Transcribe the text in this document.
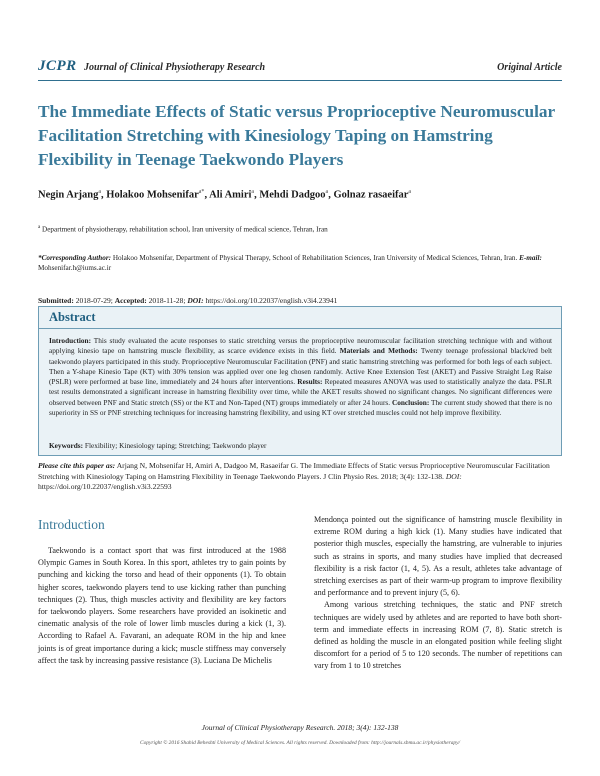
JCPR Journal of Clinical Physiotherapy Research	Original Article
The Immediate Effects of Static versus Proprioceptive Neuromuscular Facilitation Stretching with Kinesiology Taping on Hamstring Flexibility in Teenage Taekwondo Players
Negin Arjang$^a$, Holakoo Mohsenifar$^{a*}$, Ali Amiri$^a$, Mehdi Dadgoo$^a$, Golnaz rasaeifar$^a$
$^a$ Department of physiotherapy, rehabilitation school, Iran university of medical science, Tehran, Iran
*Corresponding Author: Holakoo Mohsenifar, Department of Physical Therapy, School of Rehabilitation Sciences, Iran University of Medical Sciences, Tehran, Iran. E-mail: Mohsenifar.h@iums.ac.ir
Submitted: 2018-07-29; Accepted: 2018-11-28; DOI: https://doi.org/10.22037/english.v3i4.23941
Abstract
Introduction: This study evaluated the acute responses to static stretching versus the proprioceptive neuromuscular facilitation stretching technique with and without applying kinesio tape on hamstring muscle flexibility, as scarce evidence exists in this field. Materials and Methods: Twenty teenage professional black/red belt taekwondo players participated in this study. Proprioceptive Neuromuscular Facilitation (PNF) and static hamstring stretching was performed for both legs of each subject. Then a Y-shape Kinesio Tape (KT) with 30% tension was applied over one leg chosen randomly. Active Knee Extension Test (AKET) and Passive Straight Leg Raise (PSLR) were performed at base line, immediately and 24 hours after interventions. Results: Repeated measures ANOVA was used to statistically analyze the data. PSLR test results demonstrated a significant increase in hamstring flexibility over time, while the AKET results showed no significant changes. No significant differences were observed between PNF and Static stretch (SS) or the KT and Non-Taped (NT) groups immediately or after 24 hours. Conclusion: The current study showed that there is no superiority in SS or PNF stretching techniques for increasing hamstring flexibility, and using KT over stretched muscles could not help improve flexibility.
Keywords: Flexibility; Kinesiology taping; Stretching; Taekwondo player
Please cite this paper as: Arjang N, Mohsenifar H, Amiri A, Dadgoo M, Rasaeifar G. The Immediate Effects of Static versus Proprioceptive Neuromuscular Facilitation Stretching with Kinesiology Taping on Hamstring Flexibility in Teenage Taekwondo Players. J Clin Physio Res. 2018; 3(4): 132-138. DOI: https://doi.org/10.22037/english.v3i3.22593
Introduction

Taekwondo is a contact sport that was first introduced at the 1988 Olympic Games in South Korea. In this sport, athletes try to gain points by punching and kicking the torso and head of their opponents (1). To obtain higher scores, taekwondo players tend to use kicking rather than punching techniques (2). Thus, thigh muscles activity and flexibility are key factors for taekwondo players. Some researchers have provided an isokinetic and cinematic analysis of the role of lower limb muscles during a kick (1, 3). According to Rafael A. Favarani, an adequate ROM in the hip and knee joints is of great importance during a kick; muscle stiffness may conversely affect the task by increasing passive resistance (3). Luciana De Michelis

Mendonça pointed out the significance of hamstring muscle flexibility in extreme ROM during a high kick (1). Many studies have indicated that posterior thigh muscles, especially the hamstring, are vulnerable to injuries such as strains in sports, and many studies have implied that decreased flexibility is a risk factor (1, 4, 5). As a result, athletes take advantage of stretching exercises as part of their warm-up program to improve flexibility and performance and to prevent injury (5, 6).

Among various stretching techniques, the static and PNF stretch techniques are widely used by athletes and are reported to have both short-term and immediate effects in increasing ROM (7, 8). Static stretch is defined as holding the muscle in an elongated position while feeling slight discomfort for a period of 5 to 120 seconds. The number of repetitions can vary from 1 to 10 stretches

Journal of Clinical Physiotherapy Research. 2018; 3(4): 132-138
Copyright © 2016 Shahid Beheshti University of Medical Sciences. All rights reserved. Downloaded from: http://journals.sbmu.ac.ir/physiotherapy/
